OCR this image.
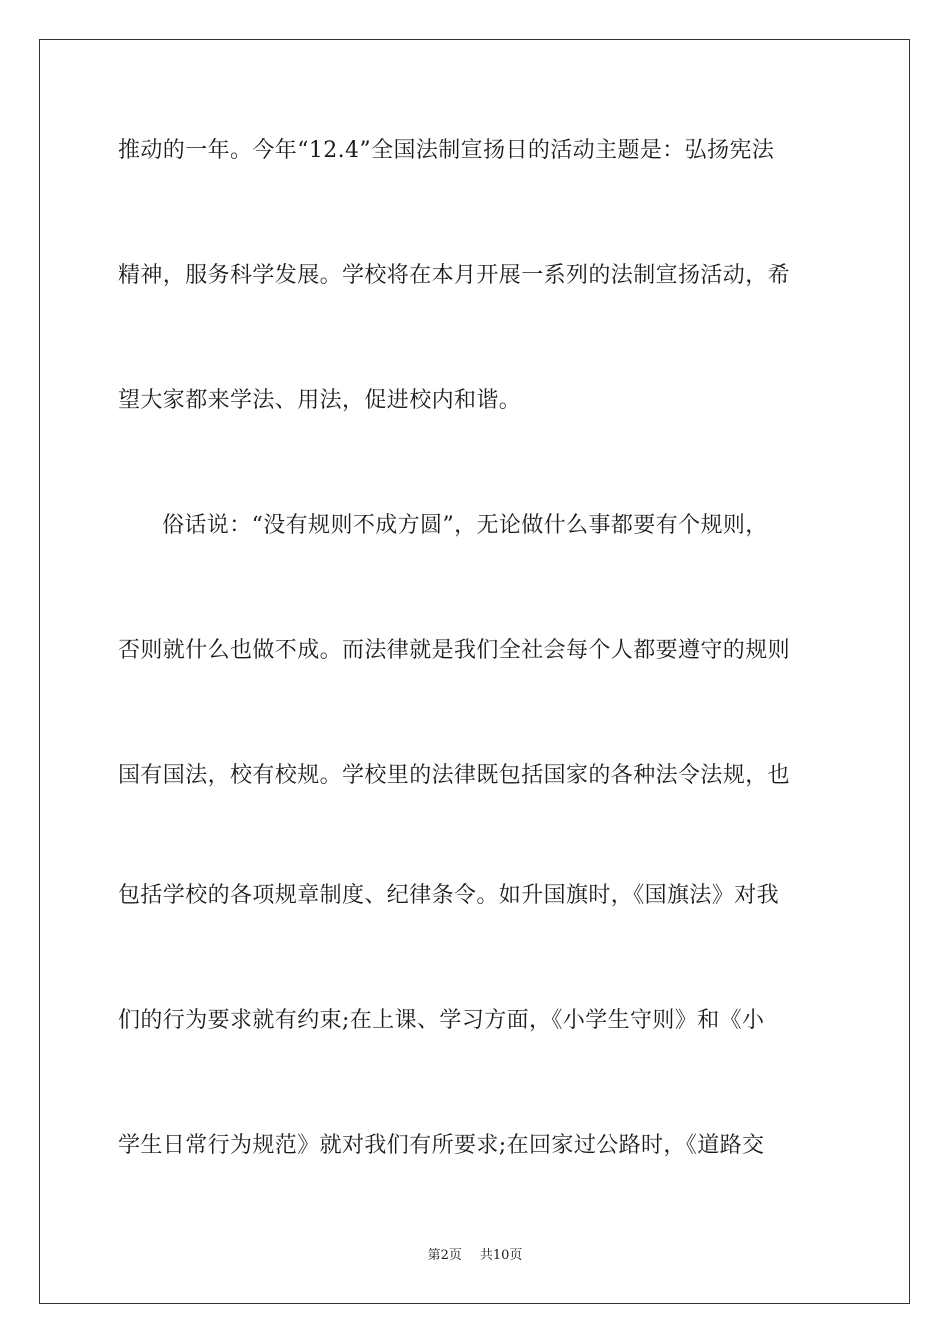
推动的一年。今年“12.4”全国法制宣扬日的活动主题是：弘扬宪法
精神，服务科学发展。学校将在本月开展一系列的法制宣扬活动，希
望大家都来学法、用法，促进校内和谐。
俗话说：“没有规则不成方圆”，无论做什么事都要有个规则，
否则就什么也做不成。而法律就是我们全社会每个人都要遵守的规则
国有国法，校有校规。学校里的法律既包括国家的各种法令法规，也
包括学校的各项规章制度、纪律条令。如升国旗时，《国旗法》对我
们的行为要求就有约束;在上课、学习方面，《小学生守则》和《小
学生日常行为规范》就对我们有所要求;在回家过公路时，《道路交
第2页 共10页
